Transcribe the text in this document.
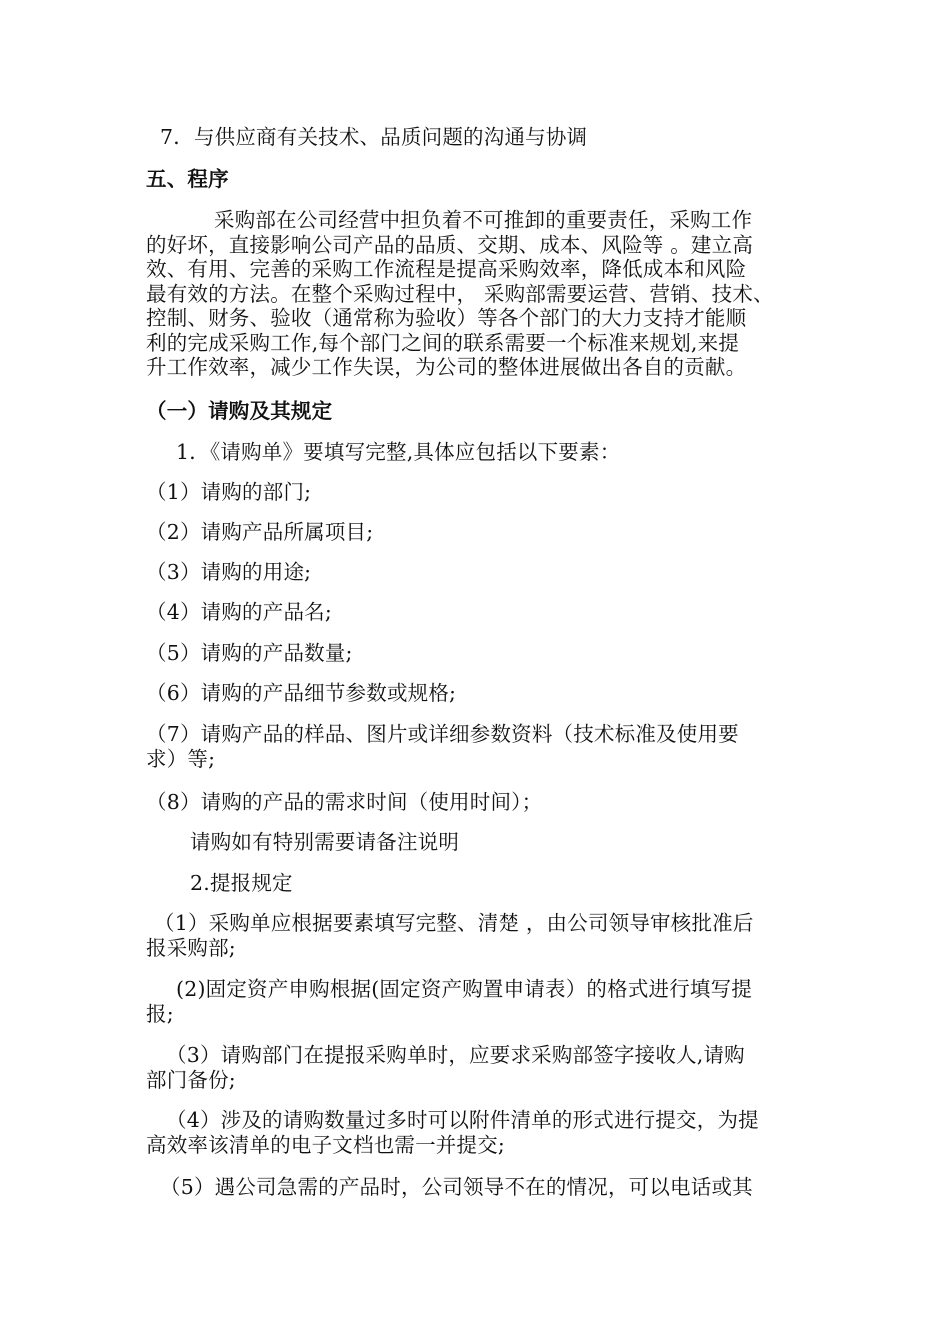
7．与供应商有关技术、品质问题的沟通与协调
五、程序
采购部在公司经营中担负着不可推卸的重要责任，采购工作
的好坏，直接影响公司产品的品质、交期、成本、风险等 。建立高
效、有用、完善的采购工作流程是提高采购效率，降低成本和风险
最有效的方法。在整个采购过程中， 采购部需要运营、营销、技术、
控制、财务、验收（通常称为验收）等各个部门的大力支持才能顺
利的完成采购工作,每个部门之间的联系需要一个标准来规划,来提
升工作效率，减少工作失误，为公司的整体进展做出各自的贡献。
（一）请购及其规定
1．《请购单》要填写完整,具体应包括以下要素：
（1）请购的部门;
（2）请购产品所属项目;
（3）请购的用途;
（4）请购的产品名;
（5）请购的产品数量;
（6）请购的产品细节参数或规格;
（7）请购产品的样品、图片或详细参数资料（技术标准及使用要
求）等;
（8）请购的产品的需求时间（使用时间）；
请购如有特别需要请备注说明
2.提报规定
（1）采购单应根据要素填写完整、清楚 ，由公司领导审核批准后
报采购部;
(2)固定资产申购根据(固定资产购置申请表）的格式进行填写提
报;
（3）请购部门在提报采购单时，应要求采购部签字接收人,请购
部门备份;
（4）涉及的请购数量过多时可以附件清单的形式进行提交，为提
高效率该清单的电子文档也需一并提交;
（5）遇公司急需的产品时，公司领导不在的情况，可以电话或其
